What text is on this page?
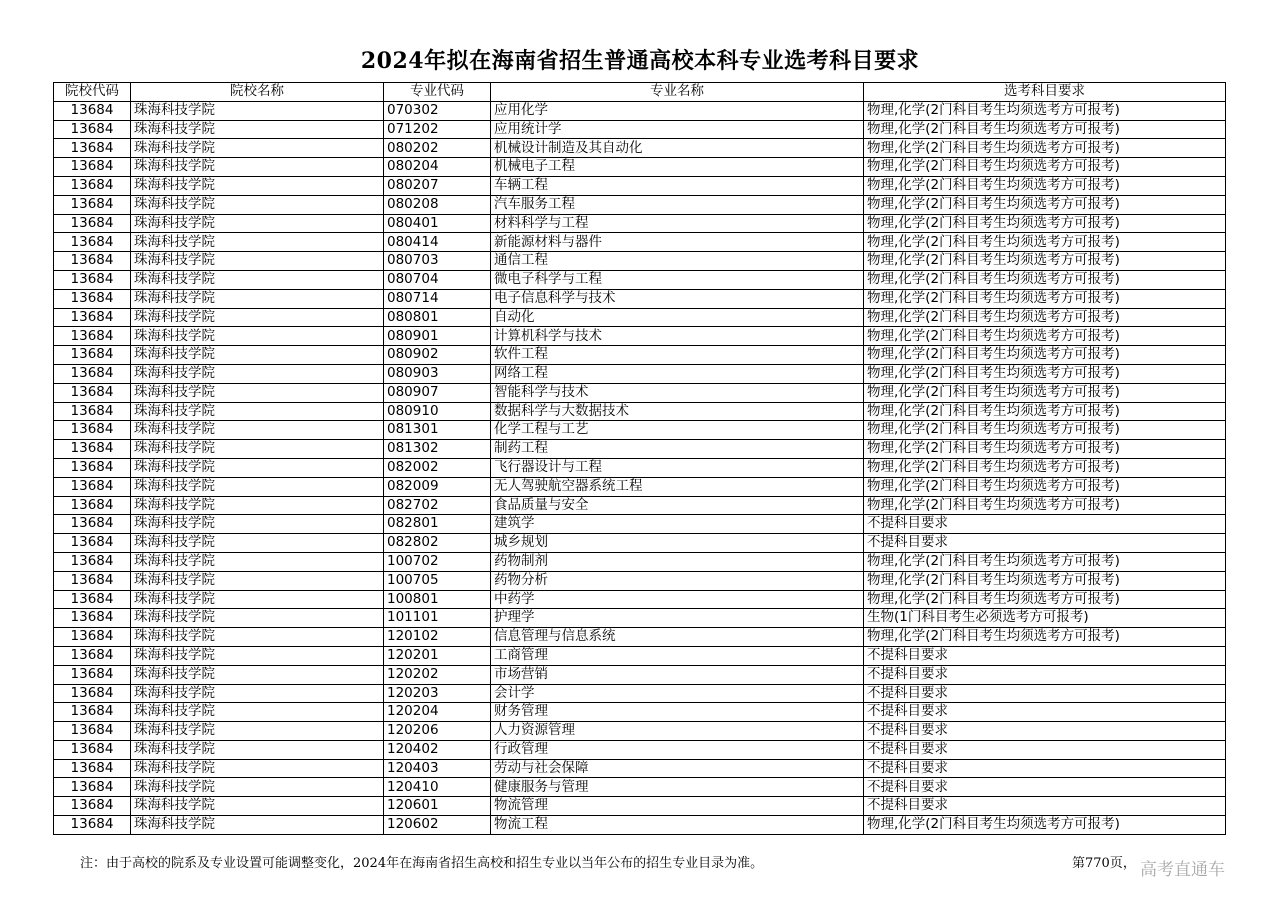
2024年拟在海南省招生普通高校本科专业选考科目要求
院校代码	院校名称	专业代码	专业名称	选考科目要求
13684	珠海科技学院	070302	应用化学	物理,化学(2门科目考生均须选考方可报考)
13684	珠海科技学院	071202	应用统计学	物理,化学(2门科目考生均须选考方可报考)
13684	珠海科技学院	080202	机械设计制造及其自动化	物理,化学(2门科目考生均须选考方可报考)
13684	珠海科技学院	080204	机械电子工程	物理,化学(2门科目考生均须选考方可报考)
13684	珠海科技学院	080207	车辆工程	物理,化学(2门科目考生均须选考方可报考)
13684	珠海科技学院	080208	汽车服务工程	物理,化学(2门科目考生均须选考方可报考)
13684	珠海科技学院	080401	材料科学与工程	物理,化学(2门科目考生均须选考方可报考)
13684	珠海科技学院	080414	新能源材料与器件	物理,化学(2门科目考生均须选考方可报考)
13684	珠海科技学院	080703	通信工程	物理,化学(2门科目考生均须选考方可报考)
13684	珠海科技学院	080704	微电子科学与工程	物理,化学(2门科目考生均须选考方可报考)
13684	珠海科技学院	080714	电子信息科学与技术	物理,化学(2门科目考生均须选考方可报考)
13684	珠海科技学院	080801	自动化	物理,化学(2门科目考生均须选考方可报考)
13684	珠海科技学院	080901	计算机科学与技术	物理,化学(2门科目考生均须选考方可报考)
13684	珠海科技学院	080902	软件工程	物理,化学(2门科目考生均须选考方可报考)
13684	珠海科技学院	080903	网络工程	物理,化学(2门科目考生均须选考方可报考)
13684	珠海科技学院	080907	智能科学与技术	物理,化学(2门科目考生均须选考方可报考)
13684	珠海科技学院	080910	数据科学与大数据技术	物理,化学(2门科目考生均须选考方可报考)
13684	珠海科技学院	081301	化学工程与工艺	物理,化学(2门科目考生均须选考方可报考)
13684	珠海科技学院	081302	制药工程	物理,化学(2门科目考生均须选考方可报考)
13684	珠海科技学院	082002	飞行器设计与工程	物理,化学(2门科目考生均须选考方可报考)
13684	珠海科技学院	082009	无人驾驶航空器系统工程	物理,化学(2门科目考生均须选考方可报考)
13684	珠海科技学院	082702	食品质量与安全	物理,化学(2门科目考生均须选考方可报考)
13684	珠海科技学院	082801	建筑学	不提科目要求
13684	珠海科技学院	082802	城乡规划	不提科目要求
13684	珠海科技学院	100702	药物制剂	物理,化学(2门科目考生均须选考方可报考)
13684	珠海科技学院	100705	药物分析	物理,化学(2门科目考生均须选考方可报考)
13684	珠海科技学院	100801	中药学	物理,化学(2门科目考生均须选考方可报考)
13684	珠海科技学院	101101	护理学	生物(1门科目考生必须选考方可报考)
13684	珠海科技学院	120102	信息管理与信息系统	物理,化学(2门科目考生均须选考方可报考)
13684	珠海科技学院	120201	工商管理	不提科目要求
13684	珠海科技学院	120202	市场营销	不提科目要求
13684	珠海科技学院	120203	会计学	不提科目要求
13684	珠海科技学院	120204	财务管理	不提科目要求
13684	珠海科技学院	120206	人力资源管理	不提科目要求
13684	珠海科技学院	120402	行政管理	不提科目要求
13684	珠海科技学院	120403	劳动与社会保障	不提科目要求
13684	珠海科技学院	120410	健康服务与管理	不提科目要求
13684	珠海科技学院	120601	物流管理	不提科目要求
13684	珠海科技学院	120602	物流工程	物理,化学(2门科目考生均须选考方可报考)
注：由于高校的院系及专业设置可能调整变化，2024年在海南省招生高校和招生专业以当年公布的招生专业目录为准。	第770页， 高考直通车
